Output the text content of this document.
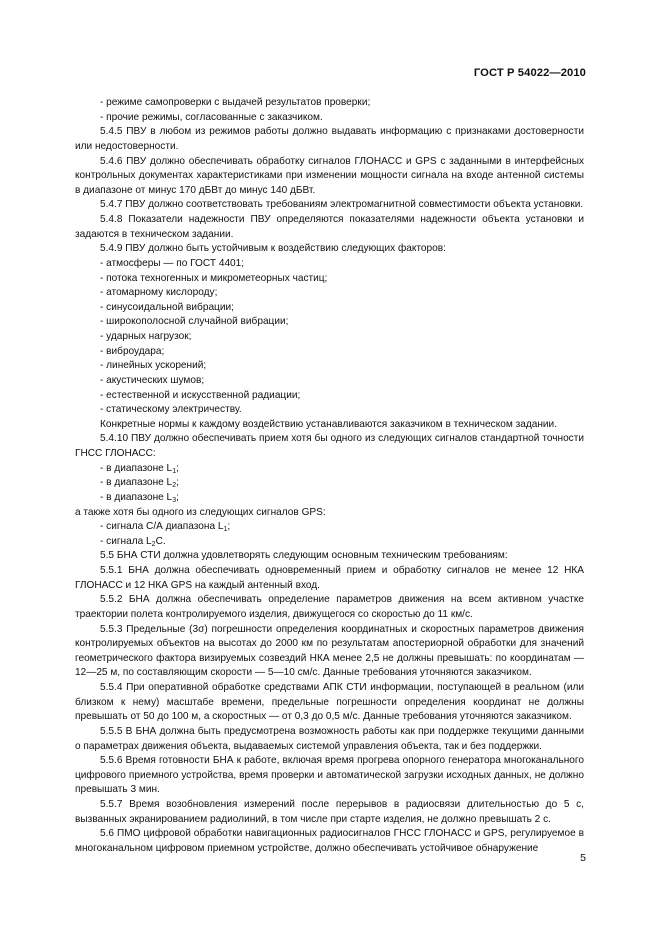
ГОСТ Р 54022—2010

- режиме самопроверки с выдачей результатов проверки;

- прочие режимы, согласованные с заказчиком.

5.4.5 ПВУ в любом из режимов работы должно выдавать информацию с признаками достоверности или недостоверности.

5.4.6 ПВУ должно обеспечивать обработку сигналов ГЛОНАСС и GPS с заданными в интерфейсных контрольных документах характеристиками при изменении мощности сигнала на входе антенной системы в диапазоне от минус 170 дБВт до минус 140 дБВт.

5.4.7 ПВУ должно соответствовать требованиям электромагнитной совместимости объекта установки.

5.4.8 Показатели надежности ПВУ определяются показателями надежности объекта установки и задаются в техническом задании.

5.4.9 ПВУ должно быть устойчивым к воздействию следующих факторов:

- атмосферы — по ГОСТ 4401;

- потока техногенных и микрометеорных частиц;

- атомарному кислороду;

- синусоидальной вибрации;

- широкополосной случайной вибрации;

- ударных нагрузок;

- виброудара;

- линейных ускорений;

- акустических шумов;

- естественной и искусственной радиации;

- статическому электричеству.

Конкретные нормы к каждому воздействию устанавливаются заказчиком в техническом задании.

5.4.10 ПВУ должно обеспечивать прием хотя бы одного из следующих сигналов стандартной точности ГНСС ГЛОНАСС:

- в диапазоне $L_1$;

- в диапазоне $L_2$;

- в диапазоне $L_3$;

а также хотя бы одного из следующих сигналов GPS:

- сигнала С/А диапазона $L_1$;

- сигнала $L_2С$.

5.5 БНА СТИ должна удовлетворять следующим основным техническим требованиям:

5.5.1 БНА должна обеспечивать одновременный прием и обработку сигналов не менее 12 НКА ГЛОНАСС и 12 НКА GPS на каждый антенный вход.

5.5.2 БНА должна обеспечивать определение параметров движения на всем активном участке траектории полета контролируемого изделия, движущегося со скоростью до 11 км/с.

5.5.3 Предельные (3σ) погрешности определения координатных и скоростных параметров движения контролируемых объектов на высотах до 2000 км по результатам апостериорной обработки для значений геометрического фактора визируемых созвездий НКА менее 2,5 не должны превышать: по координатам — 12—25 м, по составляющим скорости — 5—10 см/с. Данные требования уточняются заказчиком.

5.5.4 При оперативной обработке средствами АПК СТИ информации, поступающей в реальном (или близком к нему) масштабе времени, предельные погрешности определения координат не должны превышать от 50 до 100 м, а скоростных — от 0,3 до 0,5 м/с. Данные требования уточняются заказчиком.

5.5.5 В БНА должна быть предусмотрена возможность работы как при поддержке текущими данными о параметрах движения объекта, выдаваемых системой управления объекта, так и без поддержки.

5.5.6 Время готовности БНА к работе, включая время прогрева опорного генератора многоканального цифрового приемного устройства, время проверки и автоматической загрузки исходных данных, не должно превышать 3 мин.

5.5.7 Время возобновления измерений после перерывов в радиосвязи длительностью до 5 с, вызванных экранированием радиолиний, в том числе при старте изделия, не должно превышать 2 с.

5.6 ПМО цифровой обработки навигационных радиосигналов ГНСС ГЛОНАСС и GPS, регулируемое в многоканальном цифровом приемном устройстве, должно обеспечивать устойчивое обнаружение

5
